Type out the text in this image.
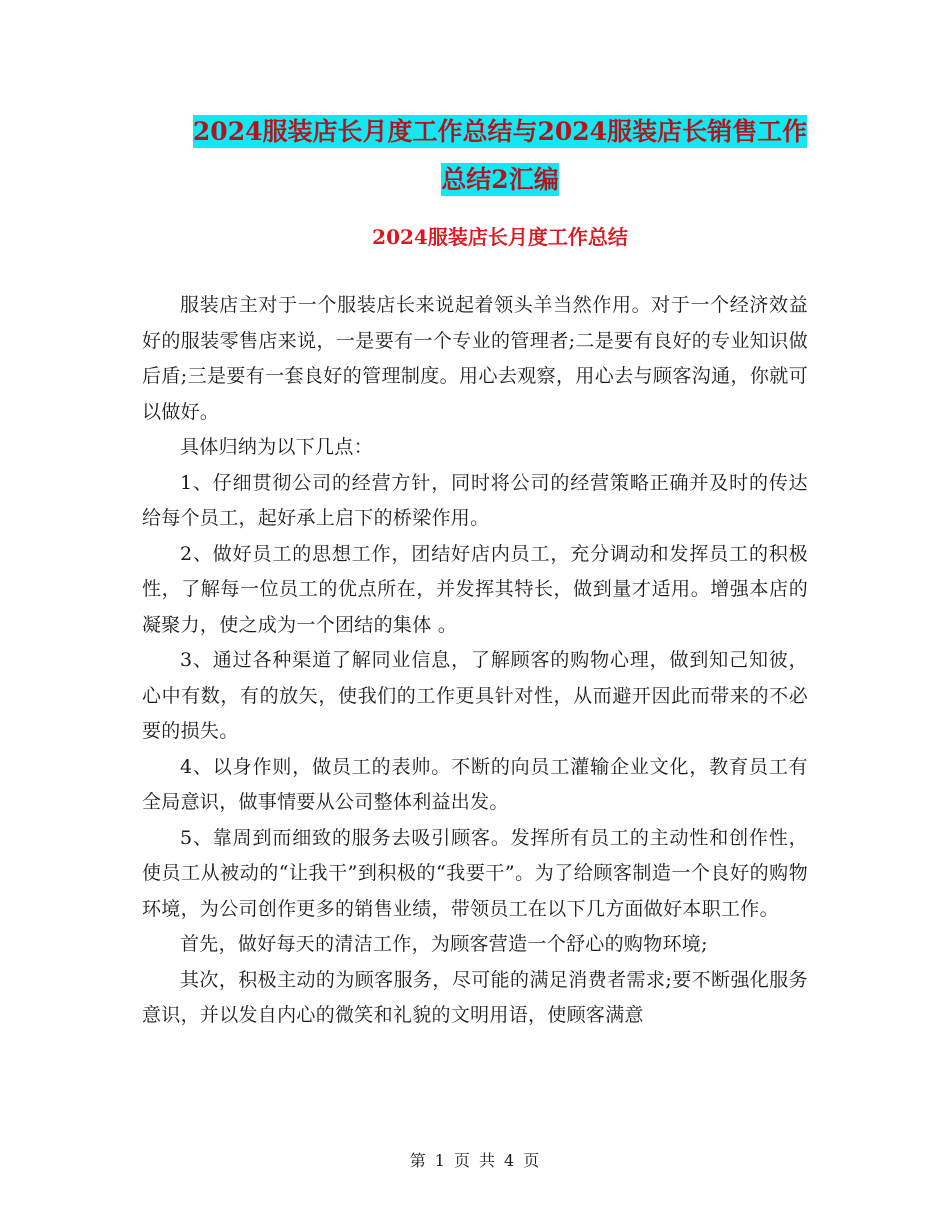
2024服装店长月度工作总结与2024服装店长销售工作
总结2汇编
2024服装店长月度工作总结

服装店主对于一个服装店长来说起着领头羊当然作用。对于一个经济效益好的服装零售店来说，一是要有一个专业的管理者;二是要有良好的专业知识做后盾;三是要有一套良好的管理制度。用心去观察，用心去与顾客沟通，你就可以做好。

具体归纳为以下几点：

1、仔细贯彻公司的经营方针，同时将公司的经营策略正确并及时的传达给每个员工，起好承上启下的桥梁作用。

2、做好员工的思想工作，团结好店内员工，充分调动和发挥员工的积极性，了解每一位员工的优点所在，并发挥其特长，做到量才适用。增强本店的凝聚力，使之成为一个团结的集体 。

3、通过各种渠道了解同业信息，了解顾客的购物心理，做到知己知彼，心中有数，有的放矢，使我们的工作更具针对性，从而避开因此而带来的不必要的损失。

4、以身作则，做员工的表帅。不断的向员工灌输企业文化，教育员工有全局意识，做事情要从公司整体利益出发。

5、靠周到而细致的服务去吸引顾客。发挥所有员工的主动性和创作性，使员工从被动的“让我干”到积极的“我要干”。为了给顾客制造一个良好的购物环境，为公司创作更多的销售业绩，带领员工在以下几方面做好本职工作。

首先，做好每天的清洁工作，为顾客营造一个舒心的购物环境;

其次，积极主动的为顾客服务，尽可能的满足消费者需求;要不断强化服务意识，并以发自内心的微笑和礼貌的文明用语，使顾客满意

第 1 页 共 4 页
